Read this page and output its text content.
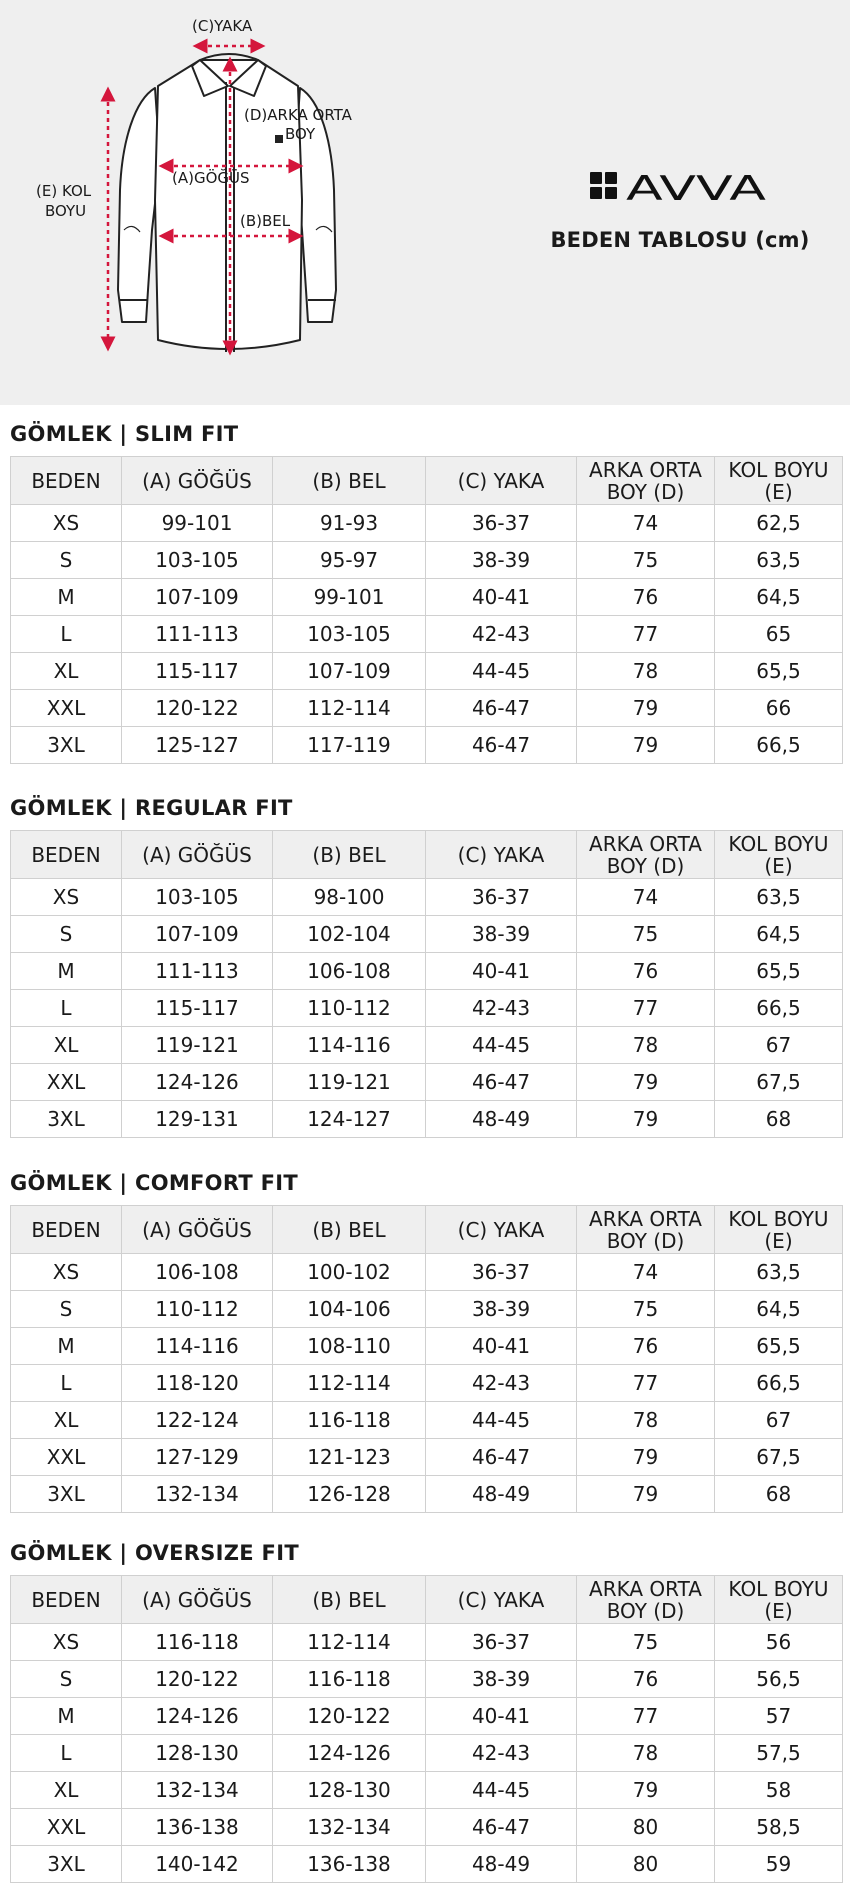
(C)YAKA
(D)ARKA ORTA
BOY
(A)GÖĞÜS
(B)BEL
(E) KOL
BOYU
AVVA
BEDEN TABLOSU (cm)
GÖMLEK | SLIM FIT
BEDEN	(A) GÖĞÜS	(B) BEL	(C) YAKA	ARKA ORTA BOY (D)	KOL BOYU (E)
XS	99-101	91-93	36-37	74	62,5
S	103-105	95-97	38-39	75	63,5
M	107-109	99-101	40-41	76	64,5
L	111-113	103-105	42-43	77	65
XL	115-117	107-109	44-45	78	65,5
XXL	120-122	112-114	46-47	79	66
3XL	125-127	117-119	46-47	79	66,5
GÖMLEK | REGULAR FIT
BEDEN	(A) GÖĞÜS	(B) BEL	(C) YAKA	ARKA ORTA BOY (D)	KOL BOYU (E)
XS	103-105	98-100	36-37	74	63,5
S	107-109	102-104	38-39	75	64,5
M	111-113	106-108	40-41	76	65,5
L	115-117	110-112	42-43	77	66,5
XL	119-121	114-116	44-45	78	67
XXL	124-126	119-121	46-47	79	67,5
3XL	129-131	124-127	48-49	79	68
GÖMLEK | COMFORT FIT
BEDEN	(A) GÖĞÜS	(B) BEL	(C) YAKA	ARKA ORTA BOY (D)	KOL BOYU (E)
XS	106-108	100-102	36-37	74	63,5
S	110-112	104-106	38-39	75	64,5
M	114-116	108-110	40-41	76	65,5
L	118-120	112-114	42-43	77	66,5
XL	122-124	116-118	44-45	78	67
XXL	127-129	121-123	46-47	79	67,5
3XL	132-134	126-128	48-49	79	68
GÖMLEK | OVERSIZE FIT
BEDEN	(A) GÖĞÜS	(B) BEL	(C) YAKA	ARKA ORTA BOY (D)	KOL BOYU (E)
XS	116-118	112-114	36-37	75	56
S	120-122	116-118	38-39	76	56,5
M	124-126	120-122	40-41	77	57
L	128-130	124-126	42-43	78	57,5
XL	132-134	128-130	44-45	79	58
XXL	136-138	132-134	46-47	80	58,5
3XL	140-142	136-138	48-49	80	59
